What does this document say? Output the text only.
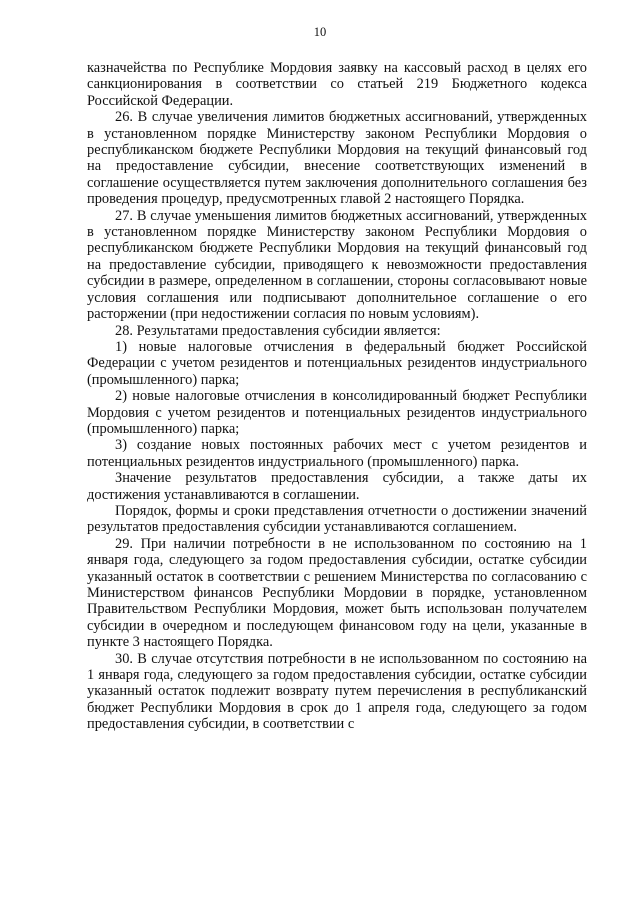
10

казначейства по Республике Мордовия заявку на кассовый расход в целях его санкционирования в соответствии со статьей 219 Бюджетного кодекса Российской Федерации.

26. В случае увеличения лимитов бюджетных ассигнований, утвержденных в установленном порядке Министерству законом Республики Мордовия о республиканском бюджете Республики Мордовия на текущий финансовый год на предоставление субсидии, внесение соответствующих изменений в соглашение осуществляется путем заключения дополнительного соглашения без проведения процедур, предусмотренных главой 2 настоящего Порядка.

27. В случае уменьшения лимитов бюджетных ассигнований, утвержденных в установленном порядке Министерству законом Республики Мордовия о республиканском бюджете Республики Мордовия на текущий финансовый год на предоставление субсидии, приводящего к невозможности предоставления субсидии в размере, определенном в соглашении, стороны согласовывают новые условия соглашения или подписывают дополнительное соглашение о его расторжении (при недостижении согласия по новым условиям).

28. Результатами предоставления субсидии является:

1) новые налоговые отчисления в федеральный бюджет Российской Федерации с учетом резидентов и потенциальных резидентов индустриального (промышленного) парка;

2) новые налоговые отчисления в консолидированный бюджет Республики Мордовия с учетом резидентов и потенциальных резидентов индустриального (промышленного) парка;

3) создание новых постоянных рабочих мест с учетом резидентов и потенциальных резидентов индустриального (промышленного) парка.

Значение результатов предоставления субсидии, а также даты их достижения устанавливаются в соглашении.

Порядок, формы и сроки представления отчетности о достижении значений результатов предоставления субсидии устанавливаются соглашением.

29. При наличии потребности в не использованном по состоянию на 1 января года, следующего за годом предоставления субсидии, остатке субсидии указанный остаток в соответствии с решением Министерства по согласованию с Министерством финансов Республики Мордовии в порядке, установленном Правительством Республики Мордовия, может быть использован получателем субсидии в очередном и последующем финансовом году на цели, указанные в пункте 3 настоящего Порядка.

30. В случае отсутствия потребности в не использованном по состоянию на 1 января года, следующего за годом предоставления субсидии, остатке субсидии указанный остаток подлежит возврату путем перечисления в республиканский бюджет Республики Мордовия в срок до 1 апреля года, следующего за годом предоставления субсидии, в соответствии с
